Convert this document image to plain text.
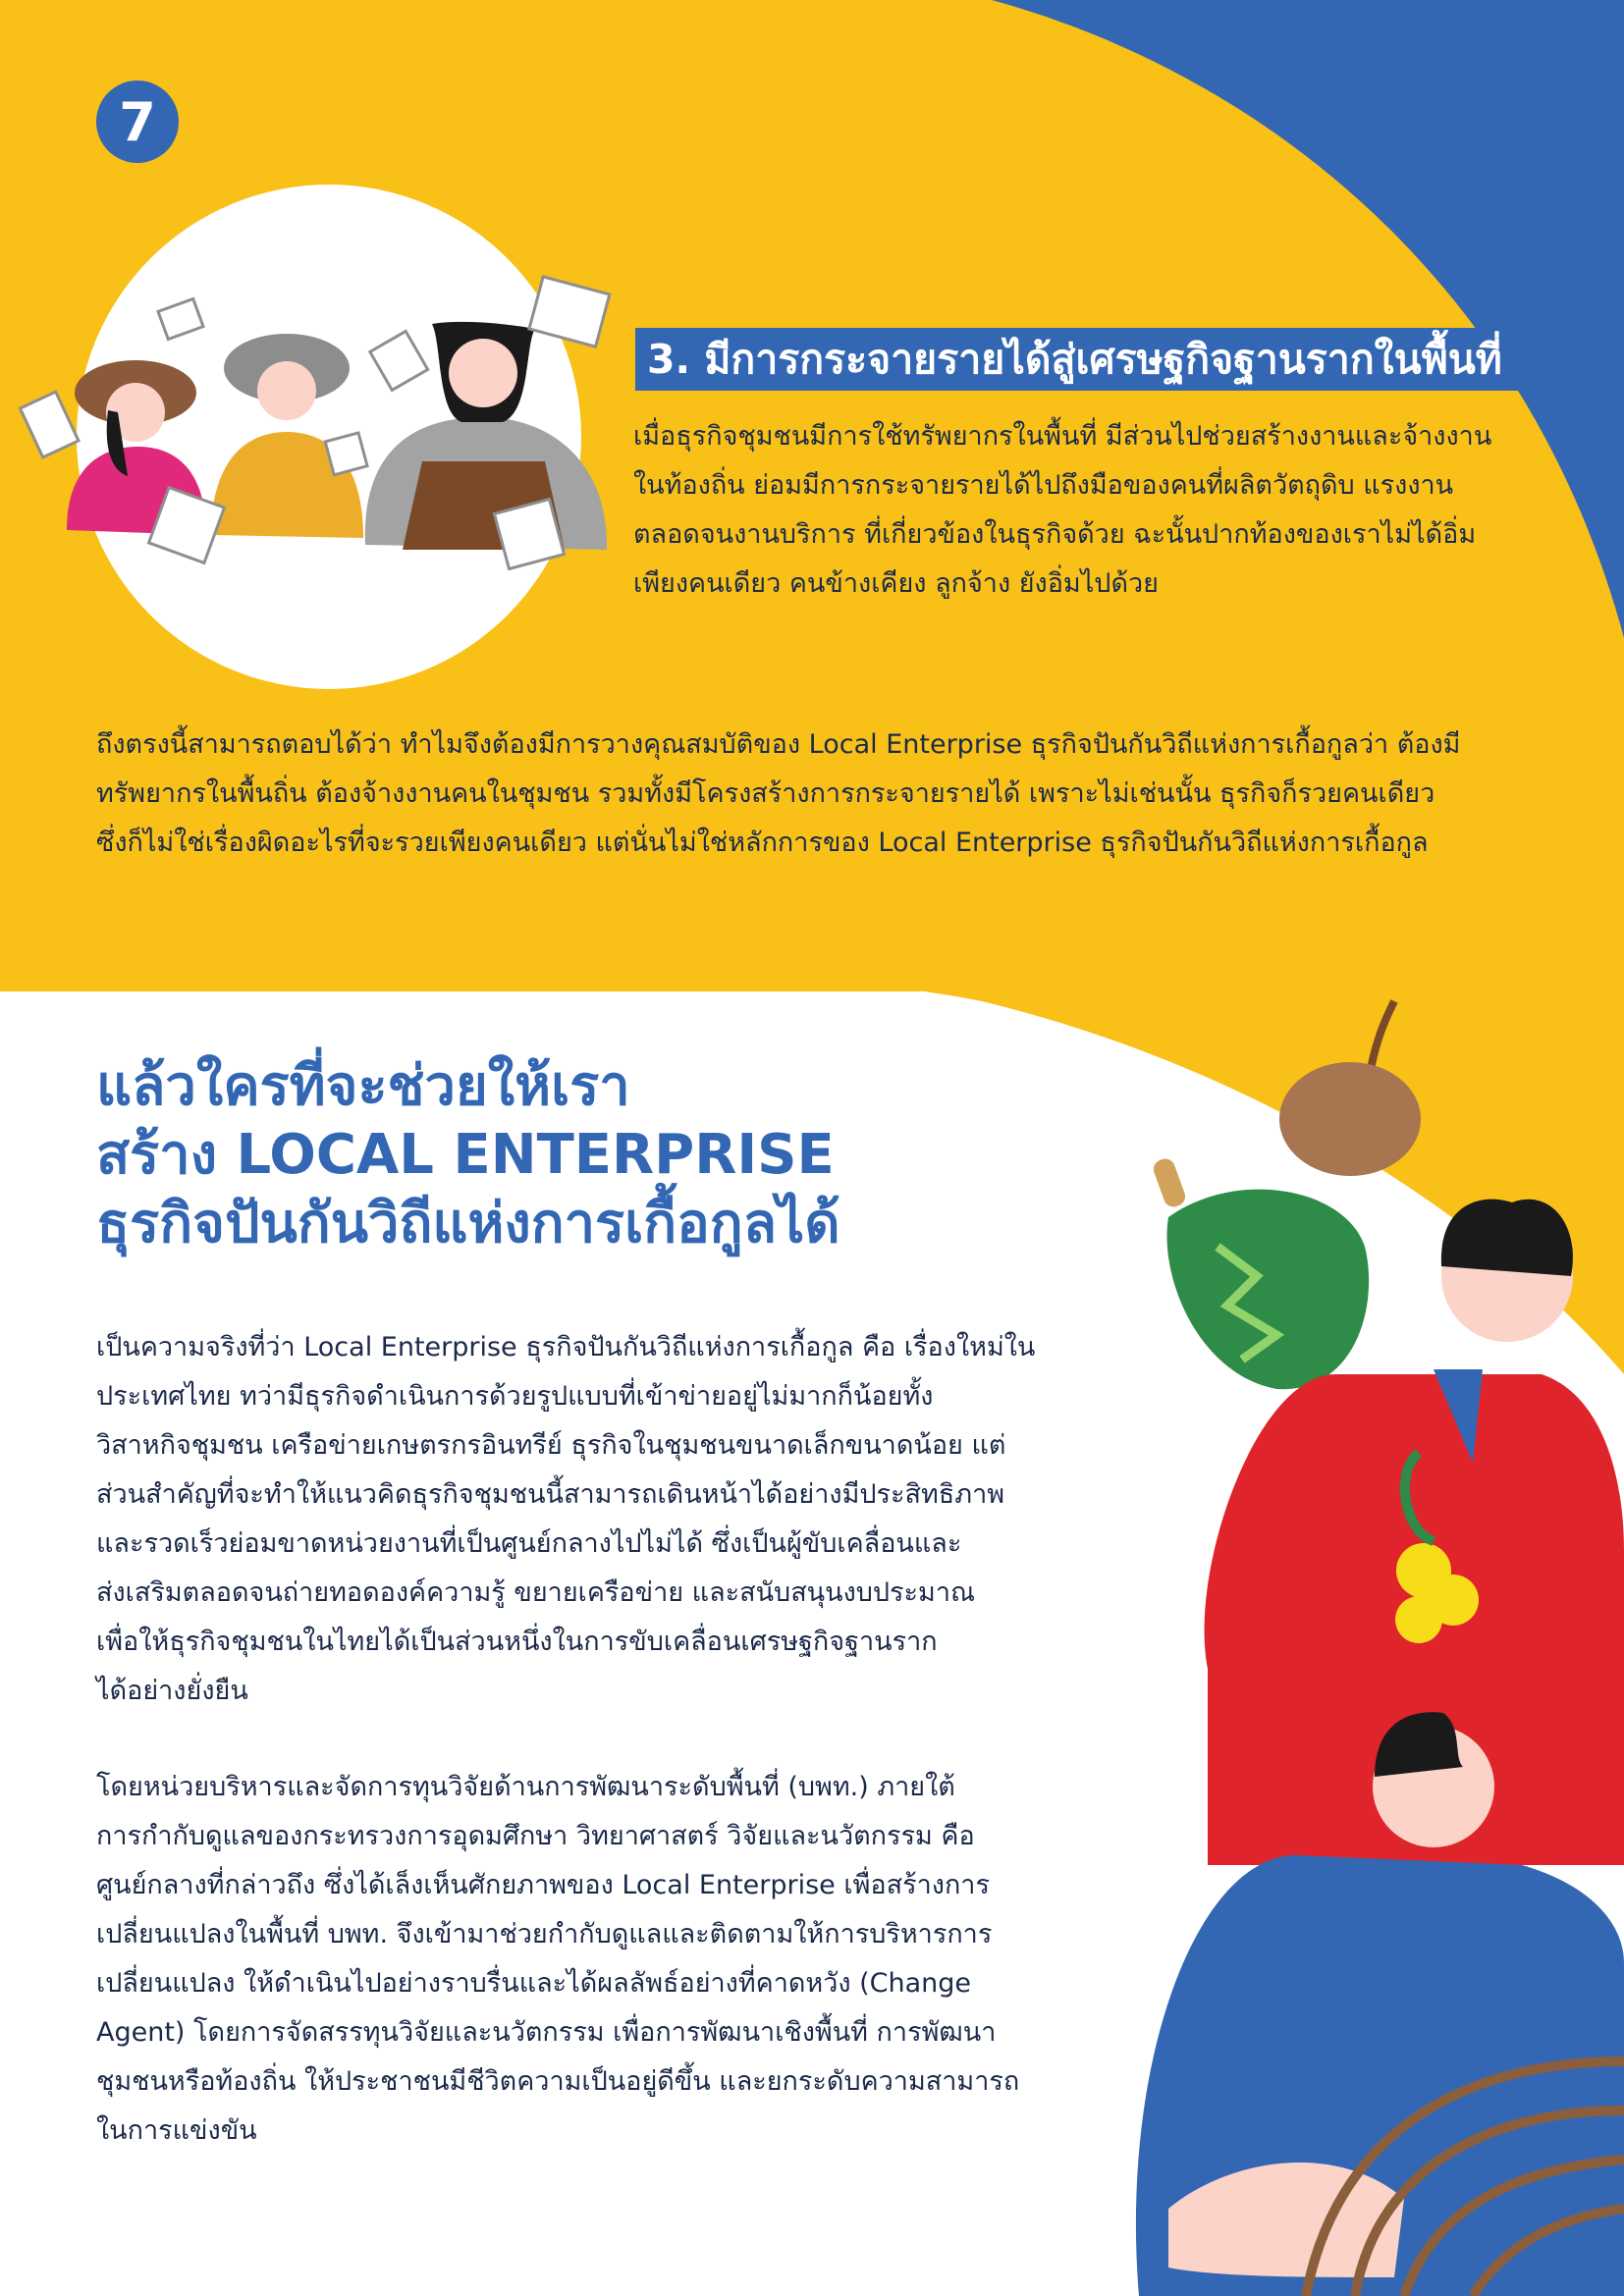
7
3. มีการกระจายรายได้สู่เศรษฐกิจฐานรากในพื้นที่

เมื่อธุรกิจชุมชนมีการใช้ทรัพยากรในพื้นที่ มีส่วนไปช่วยสร้างงานและจ้างงาน

ในท้องถิ่น ย่อมมีการกระจายรายได้ไปถึงมือของคนที่ผลิตวัตถุดิบ แรงงาน

ตลอดจนงานบริการ ที่เกี่ยวข้องในธุรกิจด้วย ฉะนั้นปากท้องของเราไม่ได้อิ่ม

เพียงคนเดียว คนข้างเคียง ลูกจ้าง ยังอิ่มไปด้วย

ถึงตรงนี้สามารถตอบได้ว่า ทำไมจึงต้องมีการวางคุณสมบัติของ Local Enterprise ธุรกิจปันกันวิถีแห่งการเกื้อกูลว่า ต้องมี

ทรัพยากรในพื้นถิ่น ต้องจ้างงานคนในชุมชน รวมทั้งมีโครงสร้างการกระจายรายได้ เพราะไม่เช่นนั้น ธุรกิจก็รวยคนเดียว

ซึ่งก็ไม่ใช่เรื่องผิดอะไรที่จะรวยเพียงคนเดียว แต่นั่นไม่ใช่หลักการของ Local Enterprise ธุรกิจปันกันวิถีแห่งการเกื้อกูล

แล้วใครที่จะช่วยให้เรา
สร้าง LOCAL ENTERPRISE
ธุรกิจปันกันวิถีแห่งการเกื้อกูลได้

เป็นความจริงที่ว่า Local Enterprise ธุรกิจปันกันวิถีแห่งการเกื้อกูล คือ เรื่องใหม่ใน

ประเทศไทย ทว่ามีธุรกิจดำเนินการด้วยรูปแบบที่เข้าข่ายอยู่ไม่มากก็น้อยทั้ง

วิสาหกิจชุมชน เครือข่ายเกษตรกรอินทรีย์ ธุรกิจในชุมชนขนาดเล็กขนาดน้อย แต่

ส่วนสำคัญที่จะทำให้แนวคิดธุรกิจชุมชนนี้สามารถเดินหน้าได้อย่างมีประสิทธิภาพ

และรวดเร็วย่อมขาดหน่วยงานที่เป็นศูนย์กลางไปไม่ได้ ซึ่งเป็นผู้ขับเคลื่อนและ

ส่งเสริมตลอดจนถ่ายทอดองค์ความรู้ ขยายเครือข่าย และสนับสนุนงบประมาณ

เพื่อให้ธุรกิจชุมชนในไทยได้เป็นส่วนหนึ่งในการขับเคลื่อนเศรษฐกิจฐานราก

ได้อย่างยั่งยืน

โดยหน่วยบริหารและจัดการทุนวิจัยด้านการพัฒนาระดับพื้นที่ (บพท.) ภายใต้

การกำกับดูแลของกระทรวงการอุดมศึกษา วิทยาศาสตร์ วิจัยและนวัตกรรม คือ

ศูนย์กลางที่กล่าวถึง ซึ่งได้เล็งเห็นศักยภาพของ Local Enterprise เพื่อสร้างการ

เปลี่ยนแปลงในพื้นที่ บพท. จึงเข้ามาช่วยกำกับดูแลและติดตามให้การบริหารการ

เปลี่ยนแปลง ให้ดำเนินไปอย่างราบรื่นและได้ผลลัพธ์อย่างที่คาดหวัง (Change

Agent) โดยการจัดสรรทุนวิจัยและนวัตกรรม เพื่อการพัฒนาเชิงพื้นที่ การพัฒนา

ชุมชนหรือท้องถิ่น ให้ประชาชนมีชีวิตความเป็นอยู่ดีขึ้น และยกระดับความสามารถ

ในการแข่งขัน
